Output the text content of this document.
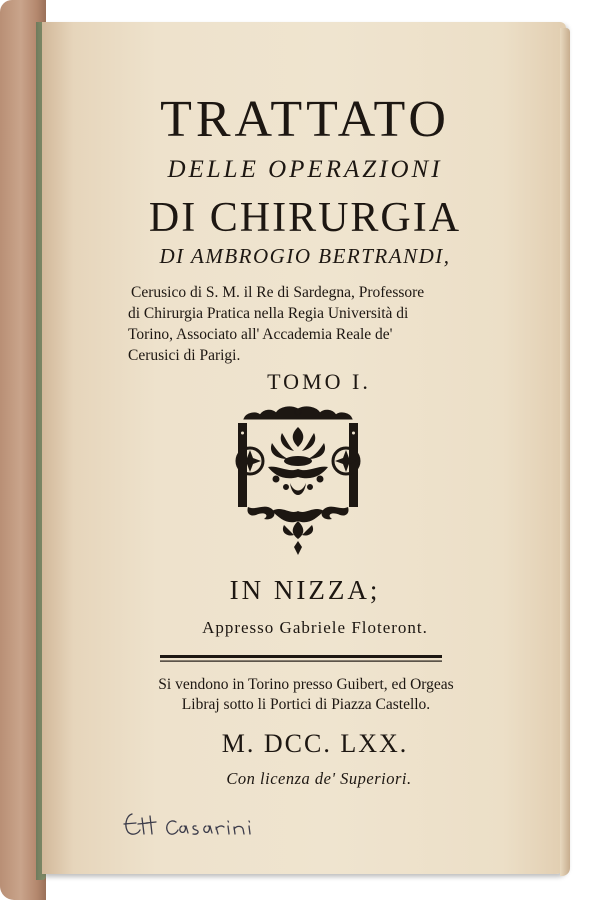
TRATTATO
DELLE OPERAZIONI
DI CHIRURGIA
DI AMBROGIO BERTRANDI,
Cerusico di S. M. il Re di Sardegna, Professore
di Chirurgia Pratica nella Regia Università di
Torino, Associato all' Accademia Reale de'
Cerusici di Parigi.
TOMO I.
IN NIZZA;
Appresso Gabriele Floteront.
Si vendono in Torino presso Guibert, ed Orgeas
Libraj sotto li Portici di Piazza Castello.
M. DCC. LXX.
Con licenza de' Superiori.
